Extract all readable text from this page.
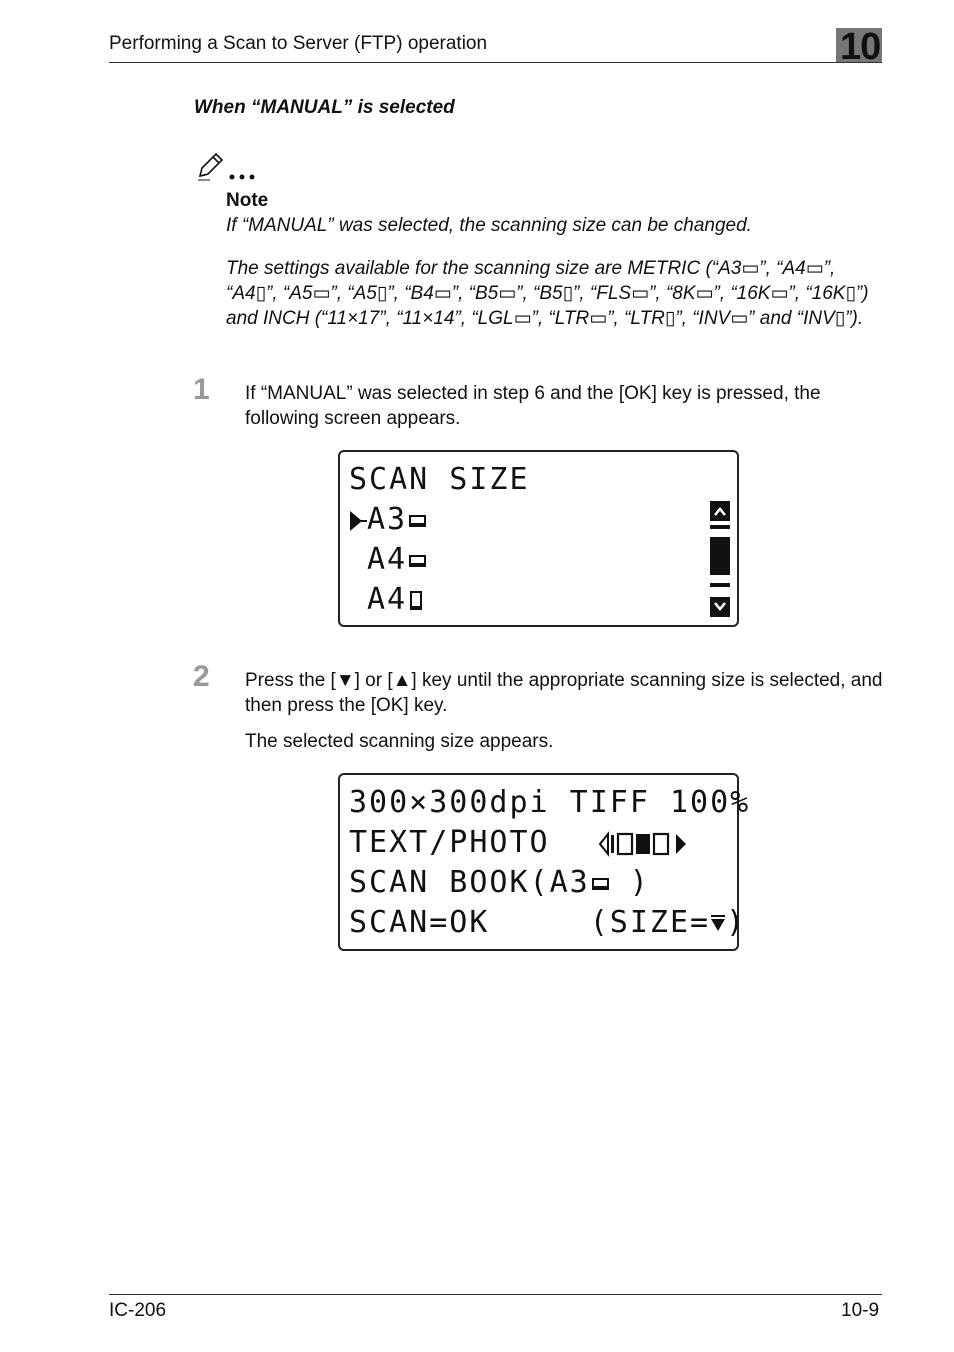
Performing a Scan to Server (FTP) operation	10
When “MANUAL” is selected
Note
If “MANUAL” was selected, the scanning size can be changed.
The settings available for the scanning size are METRIC (“A3▭”, “A4▭”, “A4▯”, “A5▭”, “A5▯”, “B4▭”, “B5▭”, “B5▯”, “FLS▭”, “8K▭”, “16K▭”, “16K▯”) and INCH (“11×17”, “11×14”, “LGL▭”, “LTR▭”, “LTR▯”, “INV▭” and “INV▯”).
1 If “MANUAL” was selected in step 6 and the [OK] key is pressed, the following screen appears.
SCAN SIZE
A3
A4
A4
2 Press the [▼] or [▲] key until the appropriate scanning size is selected, and then press the [OK] key.
The selected scanning size appears.
300×300dpi TIFF 100%
TEXT/PHOTO
SCAN BOOK(A3 )
SCAN=OK     (SIZE= )
IC-206	10-9
